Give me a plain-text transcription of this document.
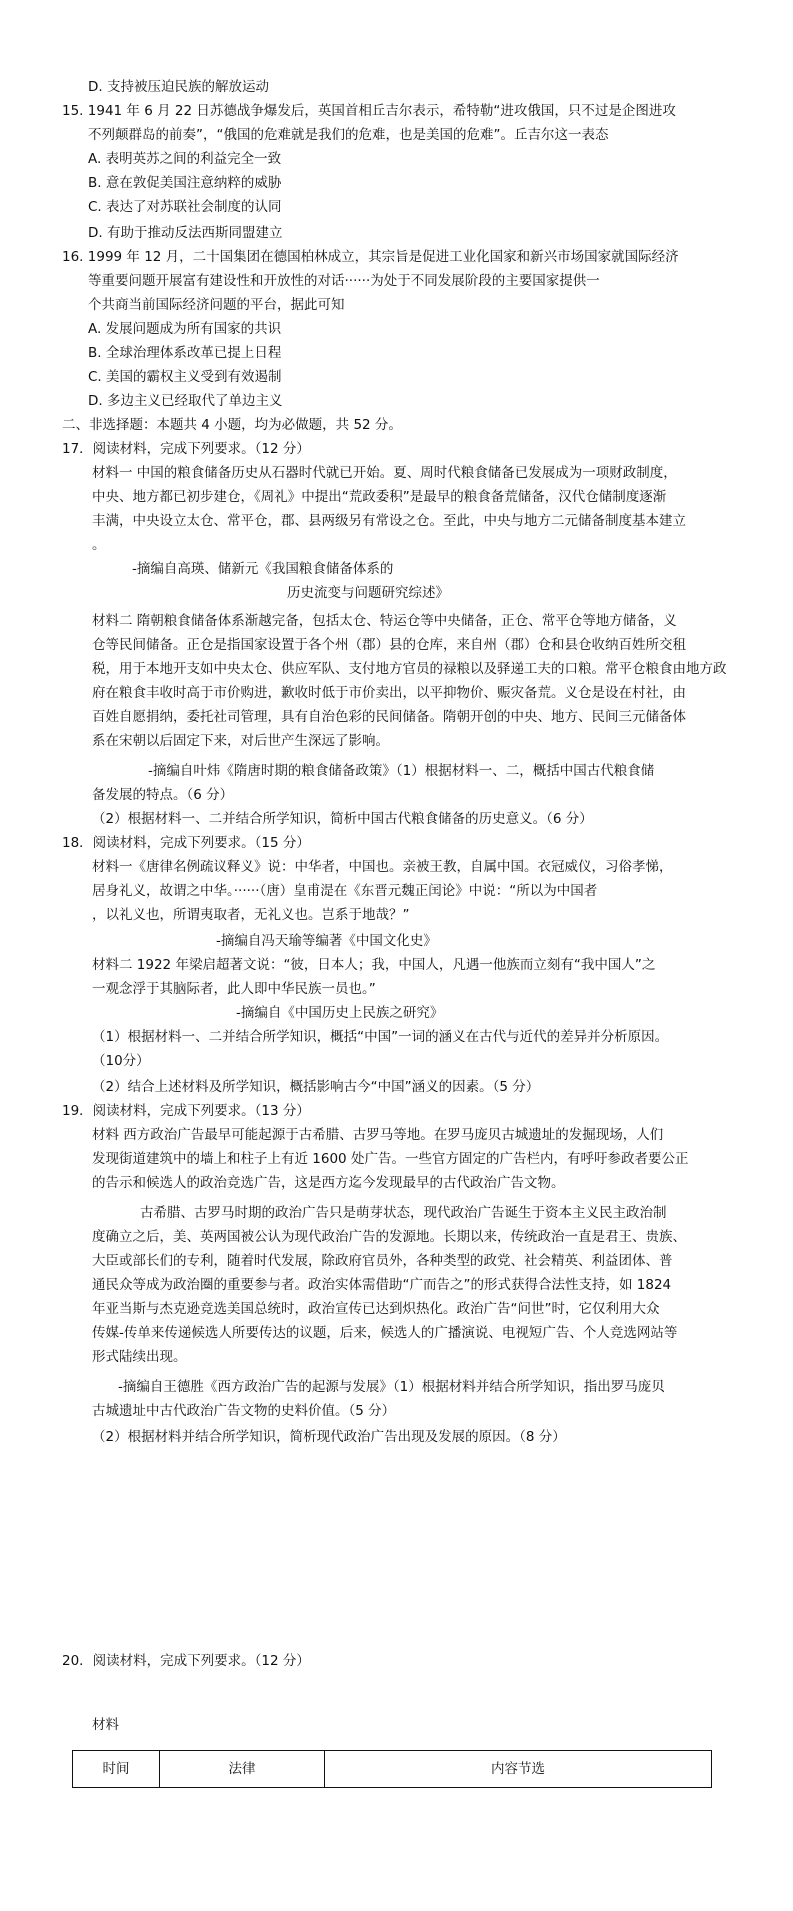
D. 支持被压迫民族的解放运动
15. 1941 年 6 月 22 日苏德战争爆发后，英国首相丘吉尔表示，希特勒“进攻俄国，只不过是企图进攻
不列颠群岛的前奏”，“俄国的危难就是我们的危难，也是美国的危难”。丘吉尔这一表态
A. 表明英苏之间的利益完全一致
B. 意在敦促美国注意纳粹的威胁
C. 表达了对苏联社会制度的认同
D. 有助于推动反法西斯同盟建立
16. 1999 年 12 月，二十国集团在德国柏林成立，其宗旨是促进工业化国家和新兴市场国家就国际经济
等重要问题开展富有建设性和开放性的对话······为处于不同发展阶段的主要国家提供一
个共商当前国际经济问题的平台，据此可知
A. 发展问题成为所有国家的共识
B. 全球治理体系改革已提上日程
C. 美国的霸权主义受到有效遏制
D. 多边主义已经取代了单边主义
二、非选择题：本题共 4 小题，均为必做题，共 52 分。
17．阅读材料，完成下列要求。（12 分）
材料一 中国的粮食储备历史从石器时代就已开始。夏、周时代粮食储备已发展成为一项财政制度，
中央、地方都已初步建仓，《周礼》中提出“荒政委积”是最早的粮食备荒储备，汉代仓储制度逐渐
丰满，中央设立太仓、常平仓，郡、县两级另有常设之仓。至此，中央与地方二元储备制度基本建立
。
-摘编自高瑛、储新元《我国粮食储备体系的
历史流变与问题研究综述》
材料二 隋朝粮食储备体系渐越完备，包括太仓、特运仓等中央储备，正仓、常平仓等地方储备，义
仓等民间储备。正仓是指国家设置于各个州（郡）县的仓库，来自州（郡）仓和县仓收纳百姓所交租
税，用于本地开支如中央太仓、供应军队、支付地方官员的禄粮以及驿递工夫的口粮。常平仓粮食由地方政
府在粮食丰收时高于市价购进，歉收时低于市价卖出，以平抑物价、赈灾备荒。义仓是设在村社，由
百姓自愿捐纳，委托社司管理，具有自治色彩的民间储备。隋朝开创的中央、地方、民间三元储备体
系在宋朝以后固定下来，对后世产生深远了影响。
-摘编自叶炜《隋唐时期的粮食储备政策》（1）根据材料一、二，概括中国古代粮食储
备发展的特点。（6 分）
（2）根据材料一、二并结合所学知识，简析中国古代粮食储备的历史意义。（6 分）
18．阅读材料，完成下列要求。（15 分）
材料一《唐律名例疏议释义》说：中华者，中国也。亲被王教，自属中国。衣冠威仪，习俗孝悌，
居身礼义，故谓之中华。······（唐）皇甫湜在《东晋元魏正闰论》中说：“所以为中国者
，以礼义也，所谓夷取者，无礼义也。岂系于地哉？”
-摘编自冯天瑜等编著《中国文化史》
材料二 1922 年梁启超著文说：“彼，日本人；我，中国人，凡遇一他族而立刻有“我中国人”之
一观念浮于其脑际者，此人即中华民族一员也。”
-摘编自《中国历史上民族之研究》
（1）根据材料一、二并结合所学知识，概括“中国”一词的涵义在古代与近代的差异并分析原因。
（10分）
（2）结合上述材料及所学知识，概括影响古今“中国”涵义的因素。（5 分）
19．阅读材料，完成下列要求。（13 分）
材料 西方政治广告最早可能起源于古希腊、古罗马等地。在罗马庞贝古城遗址的发掘现场，人们
发现街道建筑中的墙上和柱子上有近 1600 处广告。一些官方固定的广告栏内，有呼吁参政者要公正
的告示和候选人的政治竞选广告，这是西方迄今发现最早的古代政治广告文物。
古希腊、古罗马时期的政治广告只是萌芽状态，现代政治广告诞生于资本主义民主政治制
度确立之后，美、英两国被公认为现代政治广告的发源地。长期以来，传统政治一直是君王、贵族、
大臣或部长们的专利，随着时代发展，除政府官员外，各种类型的政党、社会精英、利益团体、普
通民众等成为政治圈的重要参与者。政治实体需借助“广而告之”的形式获得合法性支持，如 1824
年亚当斯与杰克逊竞选美国总统时，政治宣传已达到炽热化。政治广告“问世”时，它仅利用大众
传媒-传单来传递候选人所要传达的议题，后来，候选人的广播演说、电视短广告、个人竞选网站等
形式陆续出现。
-摘编自王德胜《西方政治广告的起源与发展》（1）根据材料并结合所学知识，指出罗马庞贝
古城遗址中古代政治广告文物的史料价值。（5 分）
（2）根据材料并结合所学知识，简析现代政治广告出现及发展的原因。（8 分）
20．阅读材料，完成下列要求。（12 分）
材料
时间	法律	内容节选
